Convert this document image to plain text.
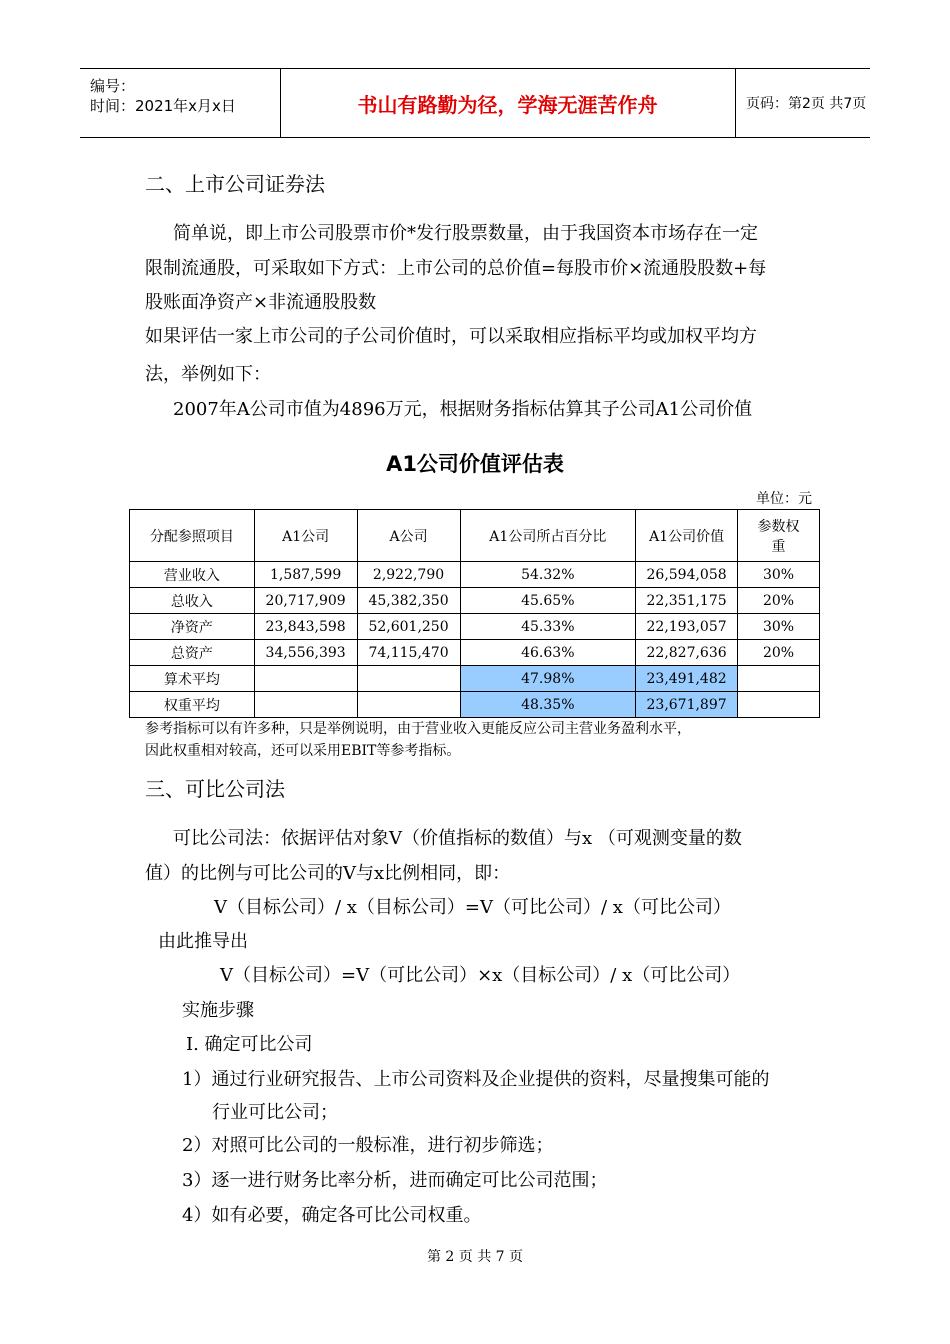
编号：
时间：2021年x月x日	书山有路勤为径，学海无涯苦作舟	页码：第2页 共7页
二、上市公司证券法
简单说，即上市公司股票市价*发行股票数量，由于我国资本市场存在一定
限制流通股，可采取如下方式：上市公司的总价值=每股市价×流通股股数+每
股账面净资产×非流通股股数
如果评估一家上市公司的子公司价值时，可以采取相应指标平均或加权平均方
法，举例如下：
2007年A公司市值为4896万元，根据财务指标估算其子公司A1公司价值
A1公司价值评估表
单位：元
分配参照项目	A1公司	A公司	A1公司所占百分比	A1公司价值	参数权重
营业收入	1,587,599	2,922,790	54.32%	26,594,058	30%
总收入	20,717,909	45,382,350	45.65%	22,351,175	20%
净资产	23,843,598	52,601,250	45.33%	22,193,057	30%
总资产	34,556,393	74,115,470	46.63%	22,827,636	20%
算术平均			47.98%	23,491,482	
权重平均			48.35%	23,671,897	
参考指标可以有许多种，只是举例说明，由于营业收入更能反应公司主营业务盈利水平，
因此权重相对较高，还可以采用EBIT等参考指标。
三、可比公司法
可比公司法：依据评估对象V（价值指标的数值）与x （可观测变量的数
值）的比例与可比公司的V与x比例相同，即：
V（目标公司）/ x（目标公司）=V（可比公司）/ x（可比公司）
由此推导出
V（目标公司）=V（可比公司）×x（目标公司）/ x（可比公司）
实施步骤
I. 确定可比公司
1）通过行业研究报告、上市公司资料及企业提供的资料，尽量搜集可能的
行业可比公司；
2）对照可比公司的一般标准，进行初步筛选；
3）逐一进行财务比率分析，进而确定可比公司范围；
4）如有必要，确定各可比公司权重。
第 2 页 共 7 页
